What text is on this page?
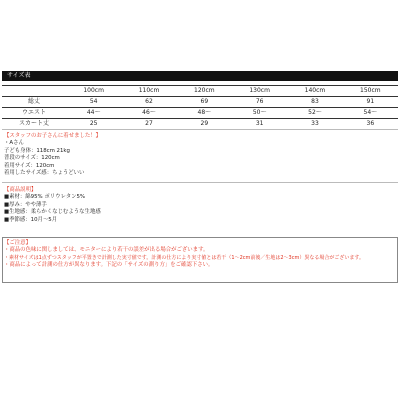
サイズ表
	100cm	110cm	120cm	130cm	140cm	150cm
総丈	54	62	69	76	83	91
ウエスト	44～	46～	48～	50～	52～	54～
スカート丈	25	27	29	31	33	36
【スタッフのお子さんに着せました！】
・Aさん
子ども身体：118cm 21kg
普段のサイズ：120cm
着用サイズ：120cm
着用したサイズ感：ちょうどいい
【商品説明】
■素材：綿95% ポリウレタン5%
■厚み：やや薄手
■生地感：柔らかくなじむような生地感
■季節感：10月～5月
【ご注意】
・商品の色味に関しましては、モニターにより若干の誤差が出る場合がございます。
・素材サイズは1点ずつスタッフが平置きで計測した実寸値です。計測の仕方により実寸値とは若干（1～2cm前後／生地は2～3cm）異なる場合がございます。
・商品によって計測の仕方が異なります。下記の「サイズの測り方」をご確認下さい。
